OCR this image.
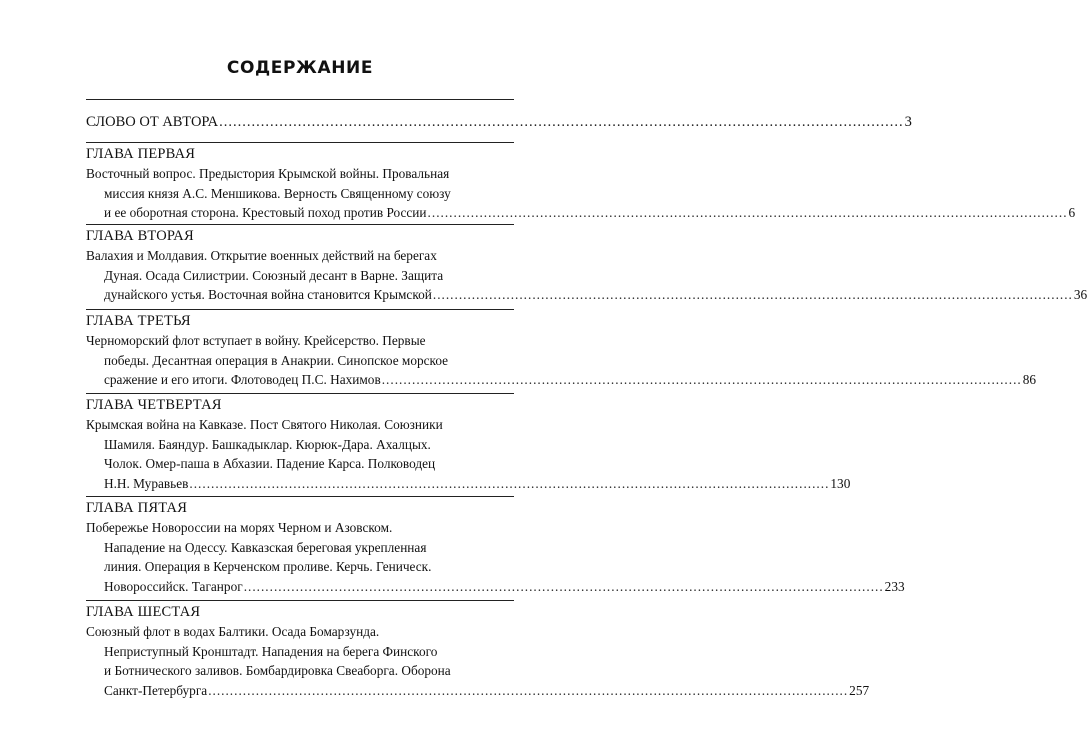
СОДЕРЖАНИЕ
СЛОВО ОТ АВТОРА .................................................................................................................................................... 3
ГЛАВА ПЕРВАЯ
Восточный вопрос. Предыстория Крымской войны. Провальная
миссия князя А.С. Меншикова. Верность Священному союзу
и ее оборотная сторона. Крестовый поход против России .................................................................................................................................................... 6
ГЛАВА ВТОРАЯ
Валахия и Молдавия. Открытие военных действий на берегах
Дуная. Осада Силистрии. Союзный десант в Варне. Защита
дунайского устья. Восточная война становится Крымской .................................................................................................................................................... 36
ГЛАВА ТРЕТЬЯ
Черноморский флот вступает в войну. Крейсерство. Первые
победы. Десантная операция в Анакрии. Синопское морское
сражение и его итоги. Флотоводец П.С. Нахимов .................................................................................................................................................... 86
ГЛАВА ЧЕТВЕРТАЯ
Крымская война на Кавказе. Пост Святого Николая. Союзники
Шамиля. Баяндур. Башкадыклар. Кюрюк-Дара. Ахалцых.
Чолок. Омер-паша в Абхазии. Падение Карса. Полководец
Н.Н. Муравьев .................................................................................................................................................... 130
ГЛАВА ПЯТАЯ
Побережье Новороссии на морях Черном и Азовском.
Нападение на Одессу. Кавказская береговая укрепленная
линия. Операция в Керченском проливе. Керчь. Геническ.
Новороссийск. Таганрог .................................................................................................................................................... 233
ГЛАВА ШЕСТАЯ
Союзный флот в водах Балтики. Осада Бомарзунда.
Неприступный Кронштадт. Нападения на берега Финского
и Ботнического заливов. Бомбардировка Свеаборга. Оборона
Санкт-Петербурга .................................................................................................................................................... 257
